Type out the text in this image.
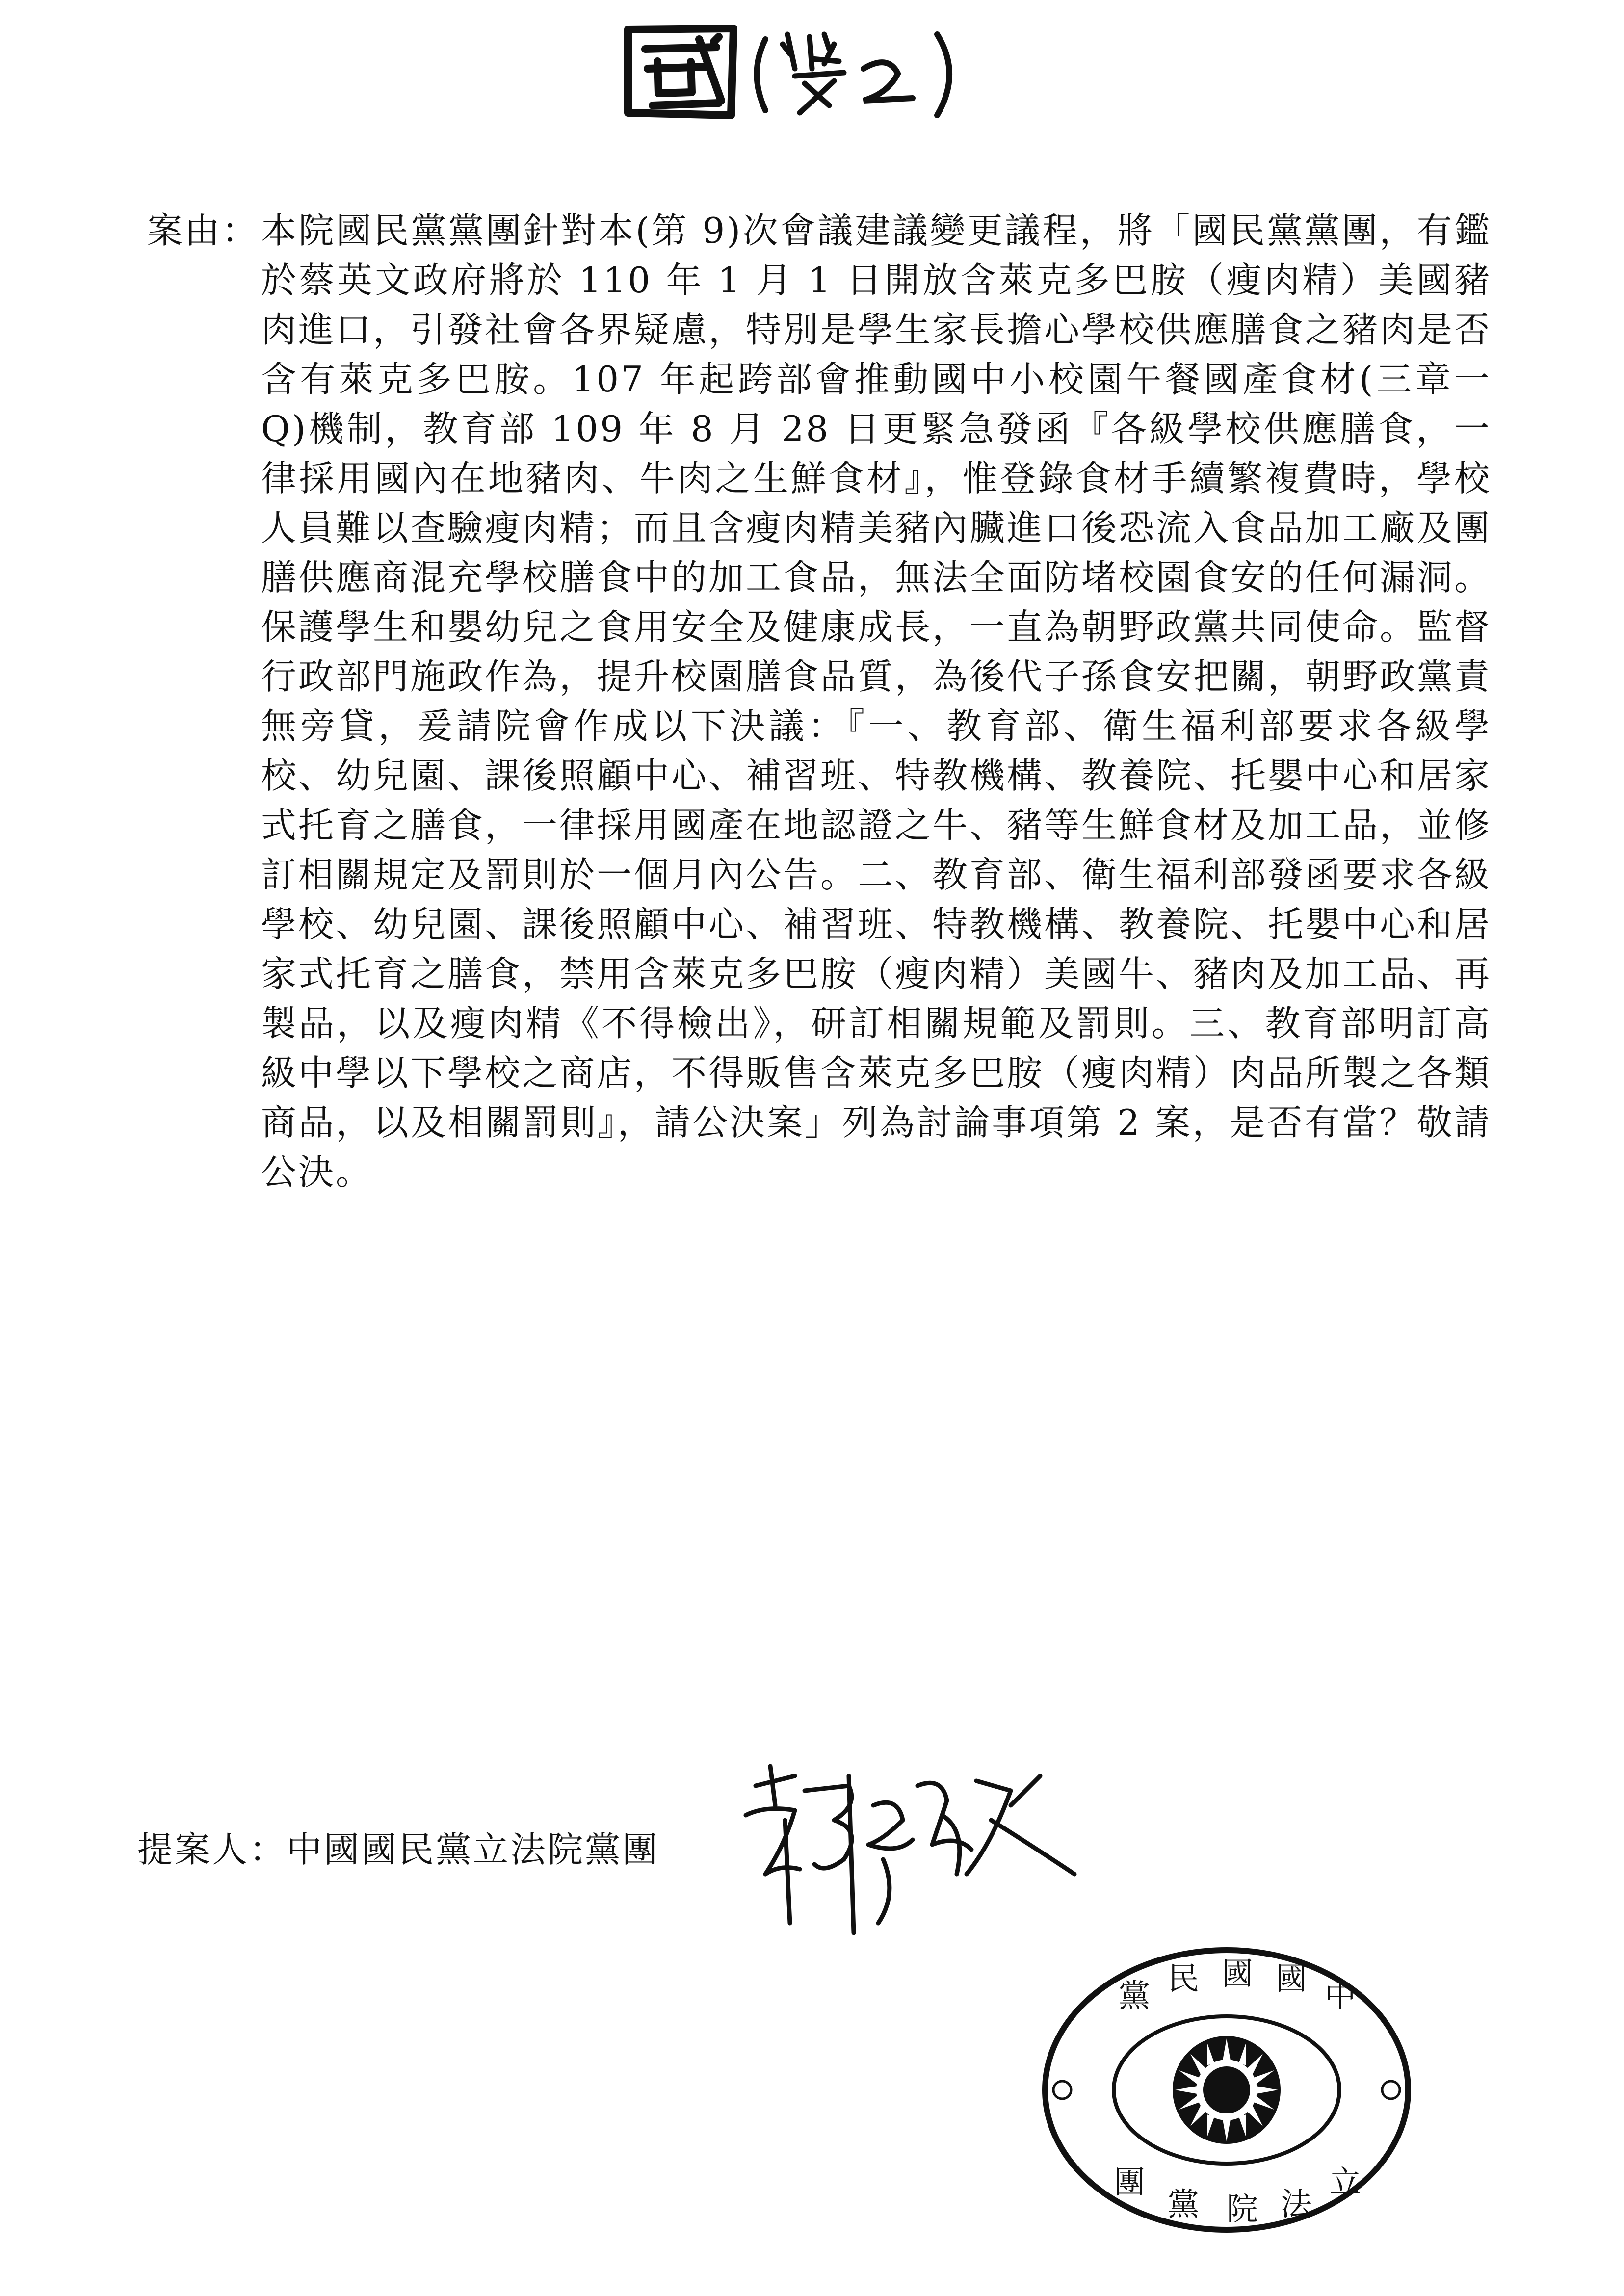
案由： 本院國民黨黨團針對本(第 9)次會議建議變更議程，將「國民黨黨團，有鑑於蔡英文政府將於 110 年 1 月 1 日開放含萊克多巴胺（瘦肉精）美國豬肉進口，引發社會各界疑慮，特別是學生家長擔心學校供應膳食之豬肉是否含有萊克多巴胺。107 年起跨部會推動國中小校園午餐國產食材(三章一 Q)機制，教育部 109 年 8 月 28 日更緊急發函『各級學校供應膳食，一律採用國內在地豬肉、牛肉之生鮮食材』，惟登錄食材手續繁複費時，學校人員難以查驗瘦肉精；而且含瘦肉精美豬內臟進口後恐流入食品加工廠及團膳供應商混充學校膳食中的加工食品，無法全面防堵校園食安的任何漏洞。保護學生和嬰幼兒之食用安全及健康成長，一直為朝野政黨共同使命。監督行政部門施政作為，提升校園膳食品質，為後代子孫食安把關，朝野政黨責無旁貸，爰請院會作成以下決議：『一、教育部、衛生福利部要求各級學校、幼兒園、課後照顧中心、補習班、特教機構、教養院、托嬰中心和居家式托育之膳食，一律採用國產在地認證之牛、豬等生鮮食材及加工品，並修訂相關規定及罰則於一個月內公告。二、教育部、衛生福利部發函要求各級學校、幼兒園、課後照顧中心、補習班、特教機構、教養院、托嬰中心和居家式托育之膳食，禁用含萊克多巴胺（瘦肉精）美國牛、豬肉及加工品、再製品，以及瘦肉精《不得檢出》，研訂相關規範及罰則。三、教育部明訂高級中學以下學校之商店，不得販售含萊克多巴胺（瘦肉精）肉品所製之各類商品，以及相關罰則』，請公決案」列為討論事項第 2 案，是否有當？敬請　公決。
提案人：中國國民黨立法院黨團
黨 民 國 國 中
團
黨 院 法
立
